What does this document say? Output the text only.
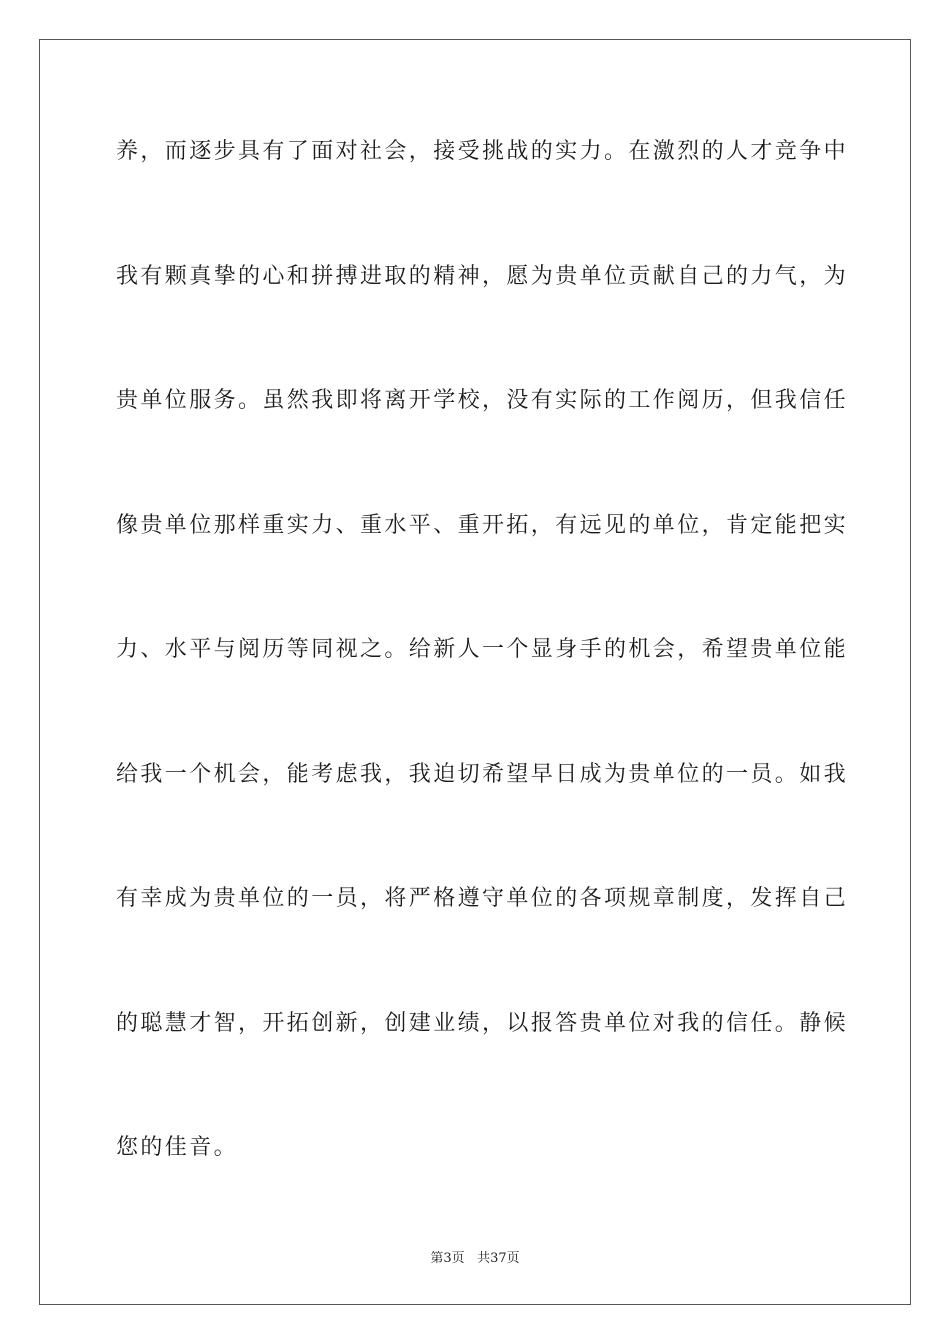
养，而逐步具有了面对社会，接受挑战的实力。在激烈的人才竞争中

我有颗真挚的心和拼搏进取的精神，愿为贵单位贡献自己的力气，为

贵单位服务。虽然我即将离开学校，没有实际的工作阅历，但我信任

像贵单位那样重实力、重水平、重开拓，有远见的单位，肯定能把实

力、水平与阅历等同视之。给新人一个显身手的机会，希望贵单位能

给我一个机会，能考虑我，我迫切希望早日成为贵单位的一员。如我

有幸成为贵单位的一员，将严格遵守单位的各项规章制度，发挥自己

的聪慧才智，开拓创新，创建业绩，以报答贵单位对我的信任。静候

您的佳音。

第3页 共37页
